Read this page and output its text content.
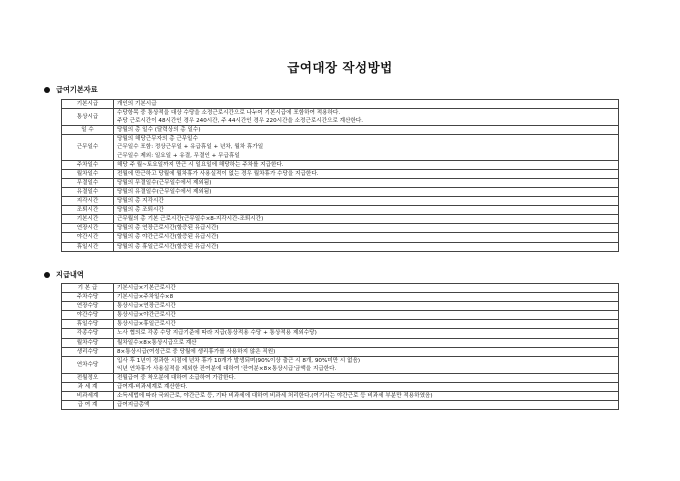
급여대장 작성방법
급여기본자료
기본시급	개인의 기본시급

통상시급	수당항목 중 통상적을 대상 수당을 소정근로시간으로 나누어 기본시급에 포함하여 적용하다.
주당 근로시간이 48시간인 경우 240시간, 주 44시간인 경우 220시간을 소정근로시간으로 계산한다.

일 수	당월의 총 일수 (달력상의 총 일수)

근무일수	당월의 해당근무자의 총 근무일수
근무일수 포함: 정상근무일 + 유급휴일 + 년차, 월차 휴가일
근무일수 제외: 일요일 + 유결, 무결인 + 무급휴일

주차일수	해당 주 월~토요일까지 만근 시 일요일에 해당하는 주차를 지급한다.

월차일수	전월에 만근하고 당월에 월차휴가 사용실적이 없는 경우 월차휴가 수당을 지급한다.

무결일수	당월의 무결일수(근무일수에서 제외됨)

유결일수	당월의 유결일수(근무일수에서 제외됨)

지각시간	당월의 총 지각시간

조퇴시간	당월의 총 조퇴시간

기본시간	근무월의 총 기본 근로시간(근무일수×8-지각시간-조퇴시간)

연장시간	당월의 총 연장근로시간(할증된 유급시간)

야간시간	당월의 총 야간근로시간(할증된 유급시간)

휴일시간	당월의 총 휴일근로시간(할증된 유급시간)
지급내역
기 본 급	기본시급×기본근로시간

주차수당	기본시급×주차일수×8

연장수당	통상시급×연장근로시간

야간수당	통상시급×야간근로시간

휴일수당	통상시급×휴일근로시간

각종수당	노사 협의로 각종 수당 지급기준에 따라 지급(통상적용 수당 + 통상적용 제외수당)

월차수당	월차일수×8×통상시급으로 계산

생리수당	8×통상시급(여성근로 중 당월에 생리휴가를 사용하지 않은 직원)

연차수당	입사 후 1년이 경과한 시점에 년차 휴가 10개가 발생되며(90%이상 출근 시 8개, 90%미만 시 없음)
익년 연차휴가 사용실적을 제외한 잔여분에 대하여 '잔여분×8×통상시급'금액을 지급한다.

전월정오	전월급여 중 착오분에 대하여 소급하여 가감한다.

과 세 계	급여계-비과세계로 계산한다.

비과세계	소득세법에 따라 국외근로, 야간근로 등, 기타 비과세에 대하여 비과세 처리한다.(여기서는 야간근로 등 비과세 부분만 적용하였음)

급 여 계	급여지급총액
